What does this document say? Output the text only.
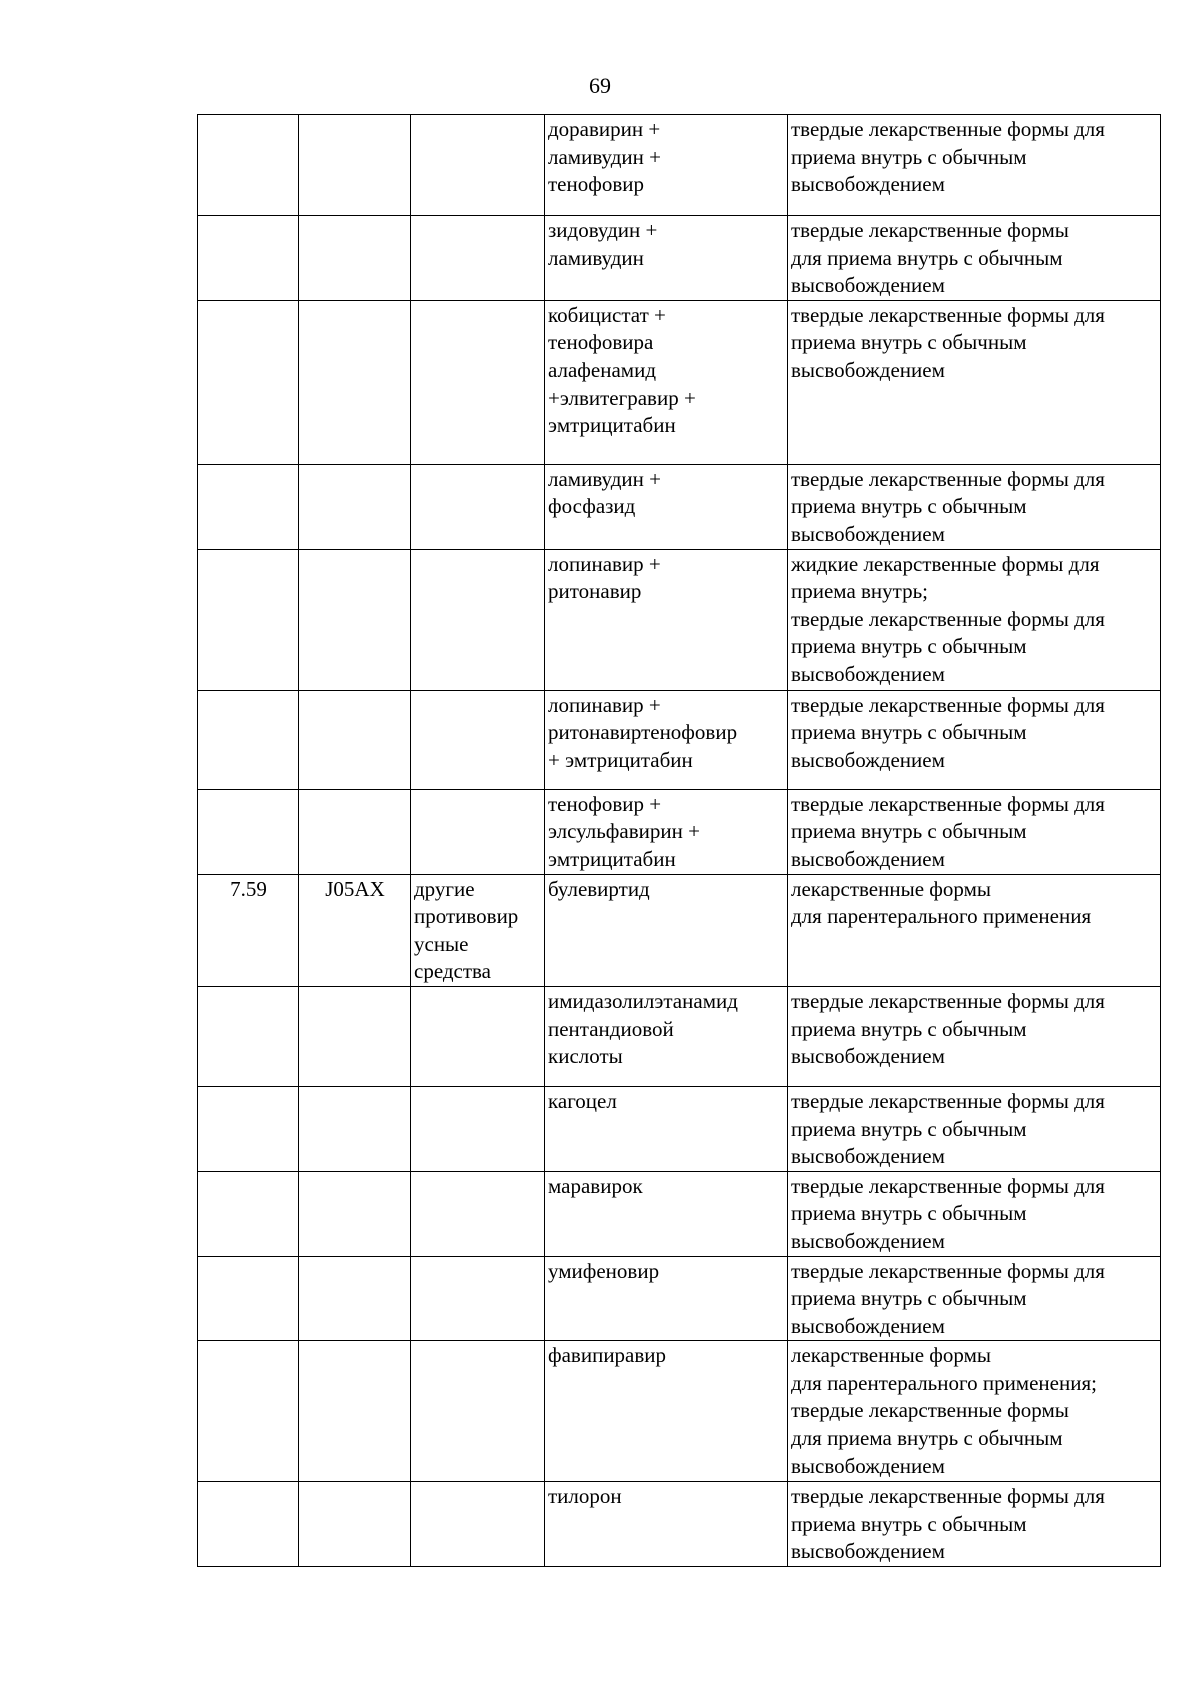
69
			доравирин +
ламивудин +
тенофовир	твердые лекарственные формы для
приема внутрь с обычным
высвобождением
			зидовудин +
ламивудин	твердые лекарственные формы
для приема внутрь с обычным
высвобождением
			кобицистат +
тенофовира
алафенамид
+элвитегравир +
эмтрицитабин	твердые лекарственные формы для
приема внутрь с обычным
высвобождением
			ламивудин +
фосфазид	твердые лекарственные формы для
приема внутрь с обычным
высвобождением
			лопинавир +
ритонавир	жидкие лекарственные формы для
приема внутрь;
твердые лекарственные формы для
приема внутрь с обычным
высвобождением
			лопинавир +
ритонавиртенофовир
+ эмтрицитабин	твердые лекарственные формы для
приема внутрь с обычным
высвобождением
			тенофовир +
элсульфавирин +
эмтрицитабин	твердые лекарственные формы для
приема внутрь с обычным
высвобождением
7.59	J05AX	другие
противовир
усные
средства	булевиртид	лекарственные формы
для парентерального применения
			имидазолилэтанамид
пентандиовой
кислоты	твердые лекарственные формы для
приема внутрь с обычным
высвобождением
			кагоцел	твердые лекарственные формы для
приема внутрь с обычным
высвобождением
			маравирок	твердые лекарственные формы для
приема внутрь с обычным
высвобождением
			умифеновир	твердые лекарственные формы для
приема внутрь с обычным
высвобождением
			фавипиравир	лекарственные формы
для парентерального применения;
твердые лекарственные формы
для приема внутрь с обычным
высвобождением
			тилорон	твердые лекарственные формы для
приема внутрь с обычным
высвобождением
